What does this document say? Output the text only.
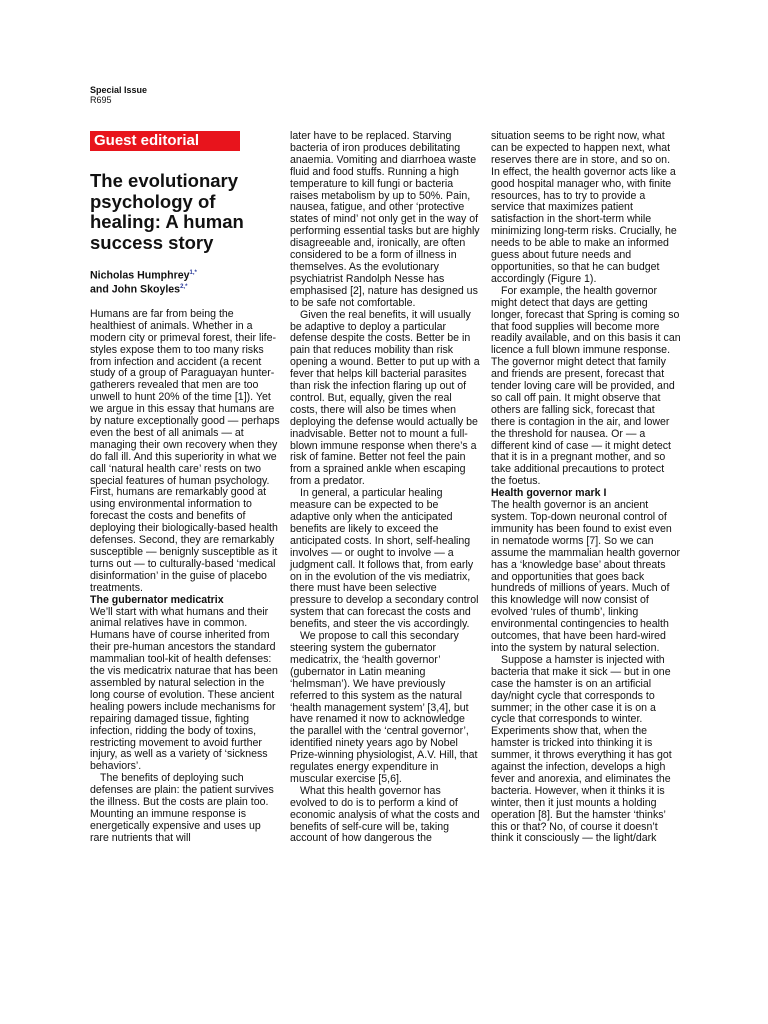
Special Issue
R695
Guest editorial
The evolutionary psychology of healing: A human success story
Nicholas Humphrey$^{1,*}$
and John Skoyles$^{2,*}$

Humans are far from being the healthiest of animals. Whether in a modern city or primeval forest, their life-styles expose them to too many risks from infection and accident (a recent study of a group of Paraguayan hunter-gatherers revealed that men are too unwell to hunt 20% of the time [1]). Yet we argue in this essay that humans are by nature exceptionally good — perhaps even the best of all animals — at managing their own recovery when they do fall ill. And this superiority in what we call ‘natural health care’ rests on two special features of human psychology. First, humans are remarkably good at using environmental information to forecast the costs and benefits of deploying their biologically-based health defenses. Second, they are remarkably susceptible — benignly susceptible as it turns out — to culturally-based ‘medical disinformation’ in the guise of placebo treatments.

The gubernator medicatrix

We’ll start with what humans and their animal relatives have in common. Humans have of course inherited from their pre-human ancestors the standard mammalian tool-kit of health defenses: the vis medicatrix naturae that has been assembled by natural selection in the long course of evolution. These ancient healing powers include mechanisms for repairing damaged tissue, fighting infection, ridding the body of toxins, restricting movement to avoid further injury, as well as a variety of ‘sickness behaviors’.

The benefits of deploying such defenses are plain: the patient survives the illness. But the costs are plain too. Mounting an immune response is energetically expensive and uses up rare nutrients that will

later have to be replaced. Starving bacteria of iron produces debilitating anaemia. Vomiting and diarrhoea waste fluid and food stuffs. Running a high temperature to kill fungi or bacteria raises metabolism by up to 50%. Pain, nausea, fatigue, and other ‘protective states of mind’ not only get in the way of performing essential tasks but are highly disagreeable and, ironically, are often considered to be a form of illness in themselves. As the evolutionary psychiatrist Randolph Nesse has emphasised [2], nature has designed us to be safe not comfortable.

Given the real benefits, it will usually be adaptive to deploy a particular defense despite the costs. Better be in pain that reduces mobility than risk opening a wound. Better to put up with a fever that helps kill bacterial parasites than risk the infection flaring up out of control. But, equally, given the real costs, there will also be times when deploying the defense would actually be inadvisable. Better not to mount a full-blown immune response when there’s a risk of famine. Better not feel the pain from a sprained ankle when escaping from a predator.

In general, a particular healing measure can be expected to be adaptive only when the anticipated benefits are likely to exceed the anticipated costs. In short, self-healing involves — or ought to involve — a judgment call. It follows that, from early on in the evolution of the vis mediatrix, there must have been selective pressure to develop a secondary control system that can forecast the costs and benefits, and steer the vis accordingly.

We propose to call this secondary steering system the gubernator medicatrix, the ‘health governor’ (gubernator in Latin meaning ‘helmsman’). We have previously referred to this system as the natural ‘health management system’ [3,4], but have renamed it now to acknowledge the parallel with the ‘central governor’, identified ninety years ago by Nobel Prize-winning physiologist, A.V. Hill, that regulates energy expenditure in muscular exercise [5,6].

What this health governor has evolved to do is to perform a kind of economic analysis of what the costs and benefits of self-cure will be, taking account of how dangerous the

situation seems to be right now, what can be expected to happen next, what reserves there are in store, and so on. In effect, the health governor acts like a good hospital manager who, with finite resources, has to try to provide a service that maximizes patient satisfaction in the short-term while minimizing long-term risks. Crucially, he needs to be able to make an informed guess about future needs and opportunities, so that he can budget accordingly (Figure 1).

For example, the health governor might detect that days are getting longer, forecast that Spring is coming so that food supplies will become more readily available, and on this basis it can licence a full blown immune response. The governor might detect that family and friends are present, forecast that tender loving care will be provided, and so call off pain. It might observe that others are falling sick, forecast that there is contagion in the air, and lower the threshold for nausea. Or — a different kind of case — it might detect that it is in a pregnant mother, and so take additional precautions to protect the foetus.

Health governor mark I

The health governor is an ancient system. Top-down neuronal control of immunity has been found to exist even in nematode worms [7]. So we can assume the mammalian health governor has a ‘knowledge base’ about threats and opportunities that goes back hundreds of millions of years. Much of this knowledge will now consist of evolved ‘rules of thumb’, linking environmental contingencies to health outcomes, that have been hard-wired into the system by natural selection.

Suppose a hamster is injected with bacteria that make it sick — but in one case the hamster is on an artificial day/night cycle that corresponds to summer; in the other case it is on a cycle that corresponds to winter. Experiments show that, when the hamster is tricked into thinking it is summer, it throws everything it has got against the infection, develops a high fever and anorexia, and eliminates the bacteria. However, when it thinks it is winter, then it just mounts a holding operation [8]. But the hamster ‘thinks’ this or that? No, of course it doesn’t think it consciously — the light/dark
